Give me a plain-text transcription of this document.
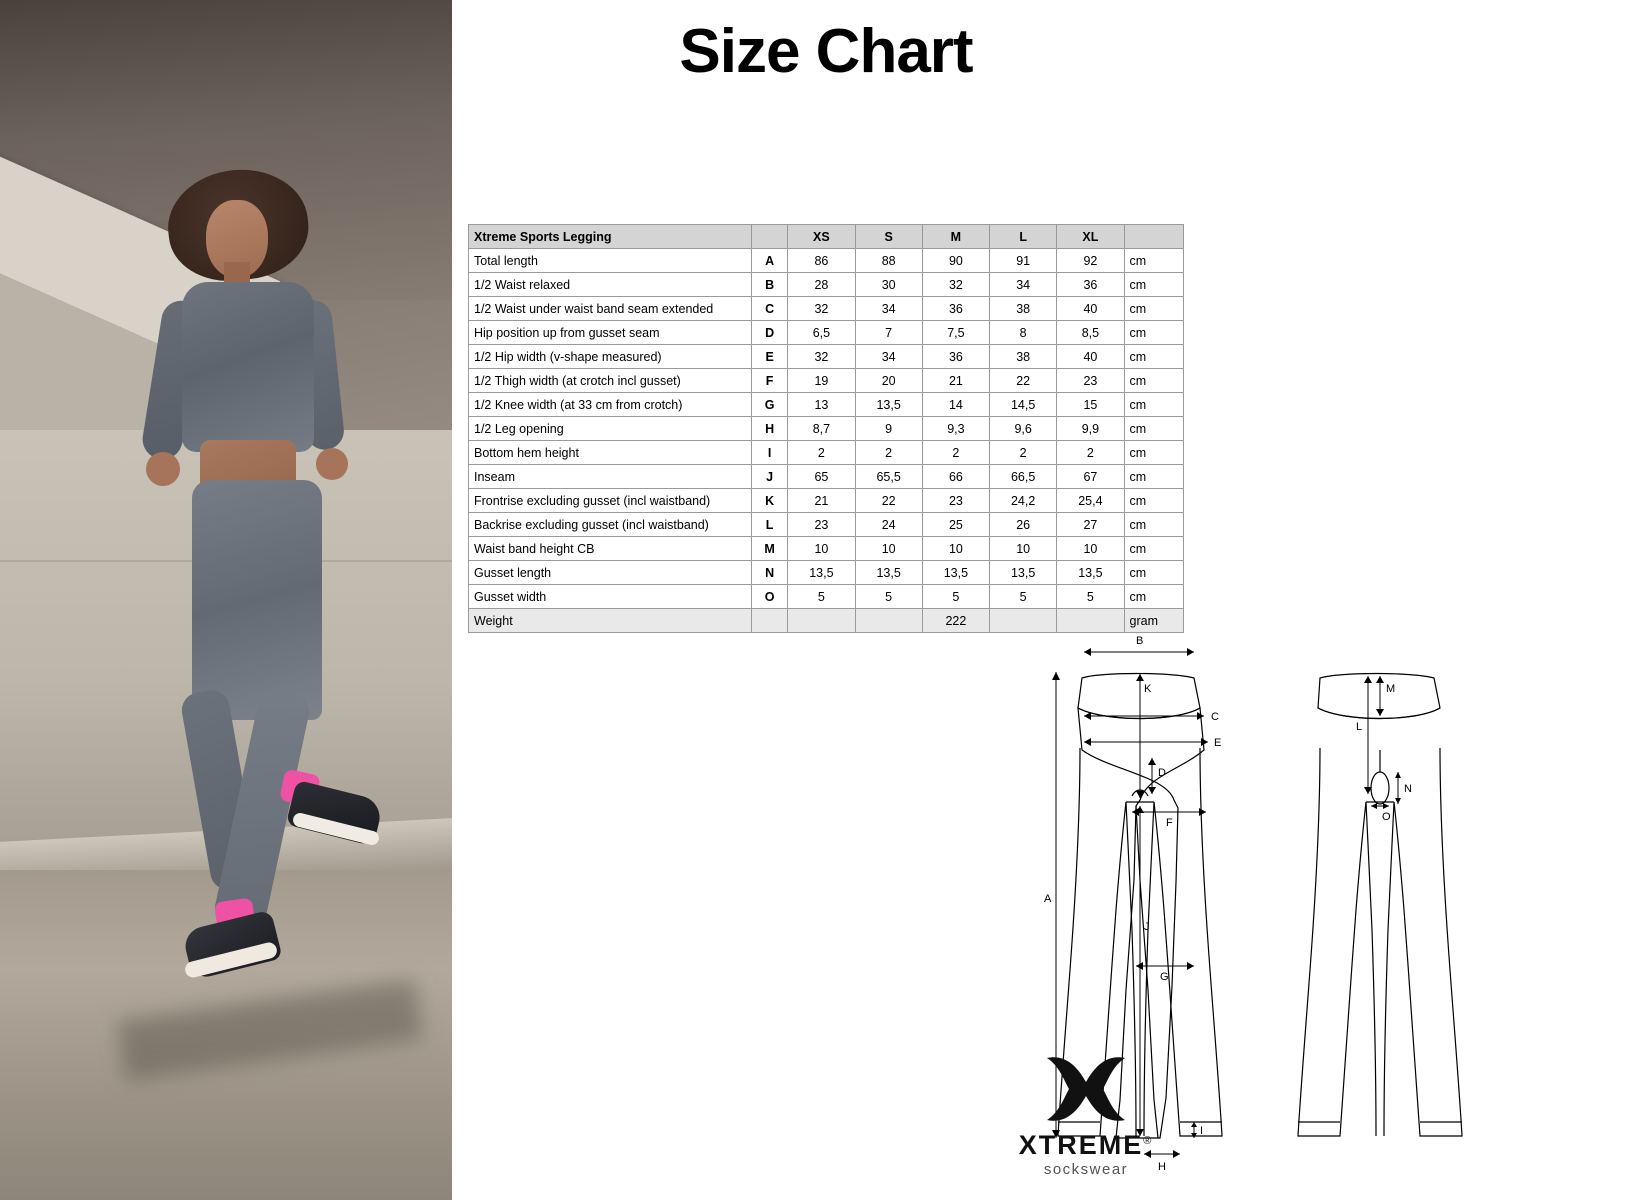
Size Chart
Xtreme Sports Legging		XS	S	M	L	XL	
Total length	A	86	88	90	91	92	cm
1/2 Waist relaxed	B	28	30	32	34	36	cm
1/2 Waist under waist band seam extended	C	32	34	36	38	40	cm
Hip position up from gusset seam	D	6,5	7	7,5	8	8,5	cm
1/2 Hip width (v-shape measured)	E	32	34	36	38	40	cm
1/2 Thigh width (at crotch incl gusset)	F	19	20	21	22	23	cm
1/2 Knee width (at 33 cm from crotch)	G	13	13,5	14	14,5	15	cm
1/2 Leg opening	H	8,7	9	9,3	9,6	9,9	cm
Bottom hem height	I	2	2	2	2	2	cm
Inseam	J	65	65,5	66	66,5	67	cm
Frontrise excluding gusset (incl waistband)	K	21	22	23	24,2	25,4	cm
Backrise excluding gusset (incl waistband)	L	23	24	25	26	27	cm
Waist band height CB	M	10	10	10	10	10	cm
Gusset length	N	13,5	13,5	13,5	13,5	13,5	cm
Gusset width	O	5	5	5	5	5	cm
Weight				222			gram
B
K
C
E
D
F
A
J
G
I
H
M
L
N
O
XTREME®
sockswear
